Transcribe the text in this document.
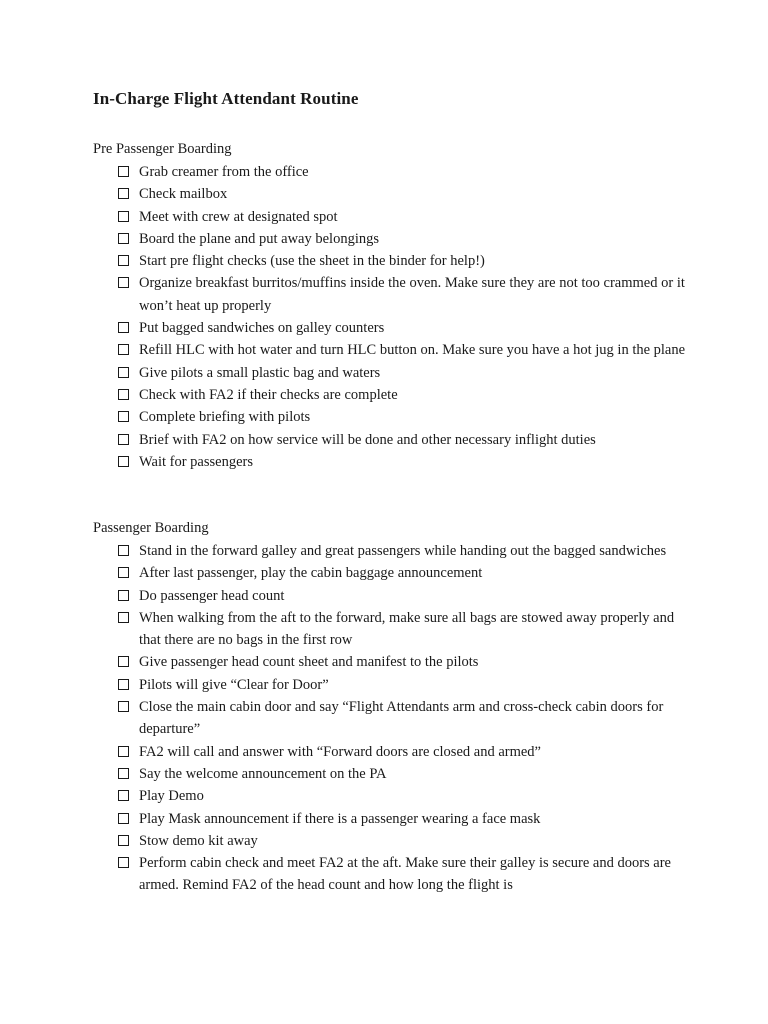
In-Charge Flight Attendant Routine
Pre Passenger Boarding
Grab creamer from the office
Check mailbox
Meet with crew at designated spot
Board the plane and put away belongings
Start pre flight checks (use the sheet in the binder for help!)
Organize breakfast burritos/muffins inside the oven. Make sure they are not too crammed or it won’t heat up properly
Put bagged sandwiches on galley counters
Refill HLC with hot water and turn HLC button on. Make sure you have a hot jug in the plane
Give pilots a small plastic bag and waters
Check with FA2 if their checks are complete
Complete briefing with pilots
Brief with FA2 on how service will be done and other necessary inflight duties
Wait for passengers
Passenger Boarding
Stand in the forward galley and great passengers while handing out the bagged sandwiches
After last passenger, play the cabin baggage announcement
Do passenger head count
When walking from the aft to the forward, make sure all bags are stowed away properly and that there are no bags in the first row
Give passenger head count sheet and manifest to the pilots
Pilots will give “Clear for Door”
Close the main cabin door and say “Flight Attendants arm and cross-check cabin doors for departure”
FA2 will call and answer with “Forward doors are closed and armed”
Say the welcome announcement on the PA
Play Demo
Play Mask announcement if there is a passenger wearing a face mask
Stow demo kit away
Perform cabin check and meet FA2 at the aft. Make sure their galley is secure and doors are armed. Remind FA2 of the head count and how long the flight is
